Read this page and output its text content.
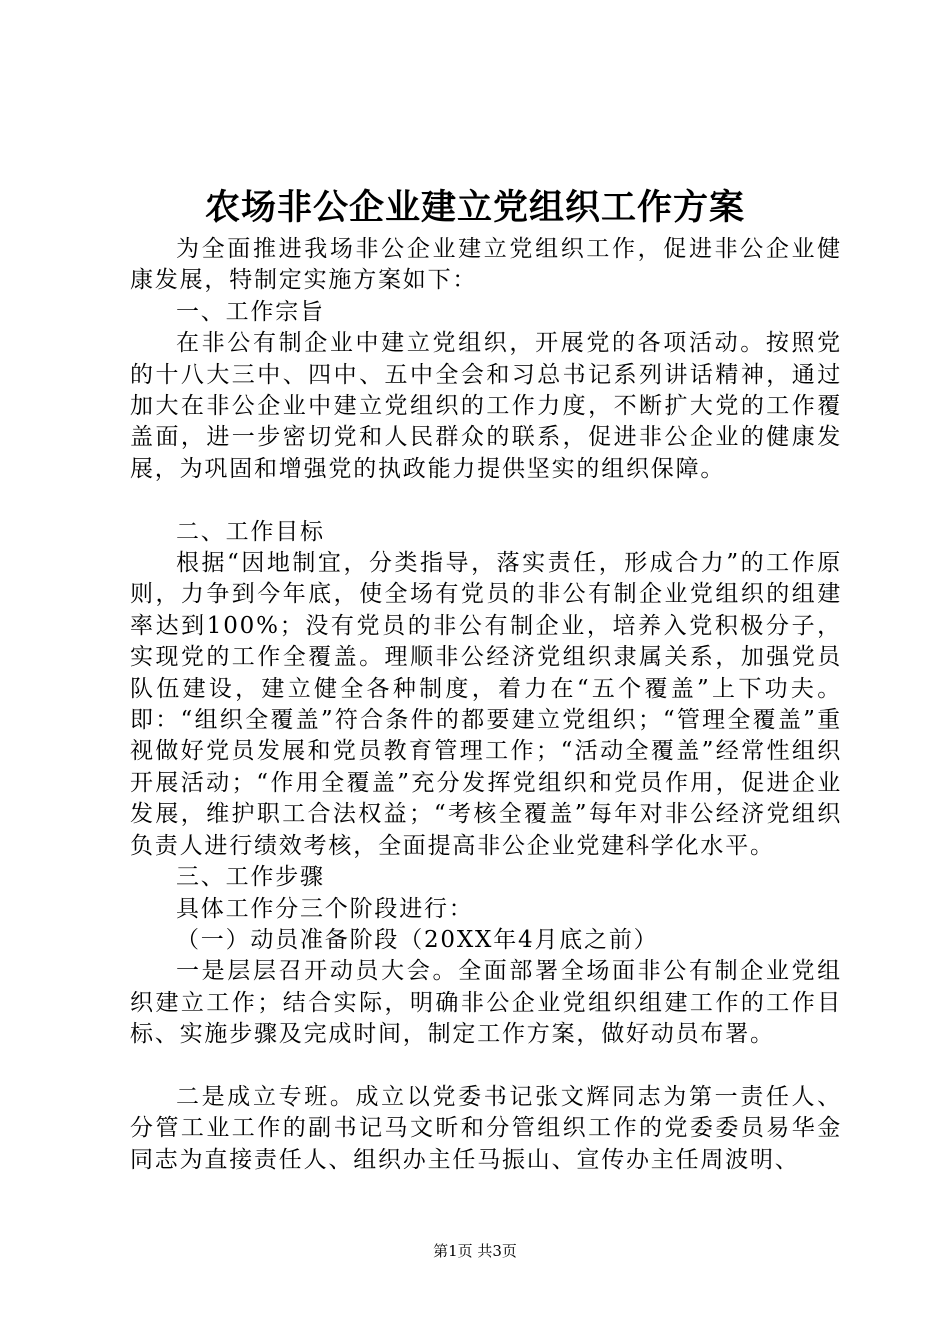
农场非公企业建立党组织工作方案

为全面推进我场非公企业建立党组织工作，促进非公企业健康发展，特制定实施方案如下：

一、工作宗旨

在非公有制企业中建立党组织，开展党的各项活动。按照党的十八大三中、四中、五中全会和习总书记系列讲话精神，通过加大在非公企业中建立党组织的工作力度，不断扩大党的工作覆盖面，进一步密切党和人民群众的联系，促进非公企业的健康发展，为巩固和增强党的执政能力提供坚实的组织保障。

二、工作目标

根据“因地制宜，分类指导，落实责任，形成合力”的工作原则，力争到今年底，使全场有党员的非公有制企业党组织的组建率达到100%；没有党员的非公有制企业，培养入党积极分子，实现党的工作全覆盖。理顺非公经济党组织隶属关系，加强党员队伍建设，建立健全各种制度，着力在“五个覆盖”上下功夫。即：“组织全覆盖”符合条件的都要建立党组织；“管理全覆盖”重视做好党员发展和党员教育管理工作；“活动全覆盖”经常性组织开展活动；“作用全覆盖”充分发挥党组织和党员作用，促进企业发展，维护职工合法权益；“考核全覆盖”每年对非公经济党组织负责人进行绩效考核，全面提高非公企业党建科学化水平。

三、工作步骤

具体工作分三个阶段进行：

（一）动员准备阶段（20XX年4月底之前）

一是层层召开动员大会。全面部署全场面非公有制企业党组织建立工作；结合实际，明确非公企业党组织组建工作的工作目标、实施步骤及完成时间，制定工作方案，做好动员布署。

二是成立专班。成立以党委书记张文辉同志为第一责任人、分管工业工作的副书记马文昕和分管组织工作的党委委员易华金同志为直接责任人、组织办主任马振山、宣传办主任周波明、

第1页 共3页
